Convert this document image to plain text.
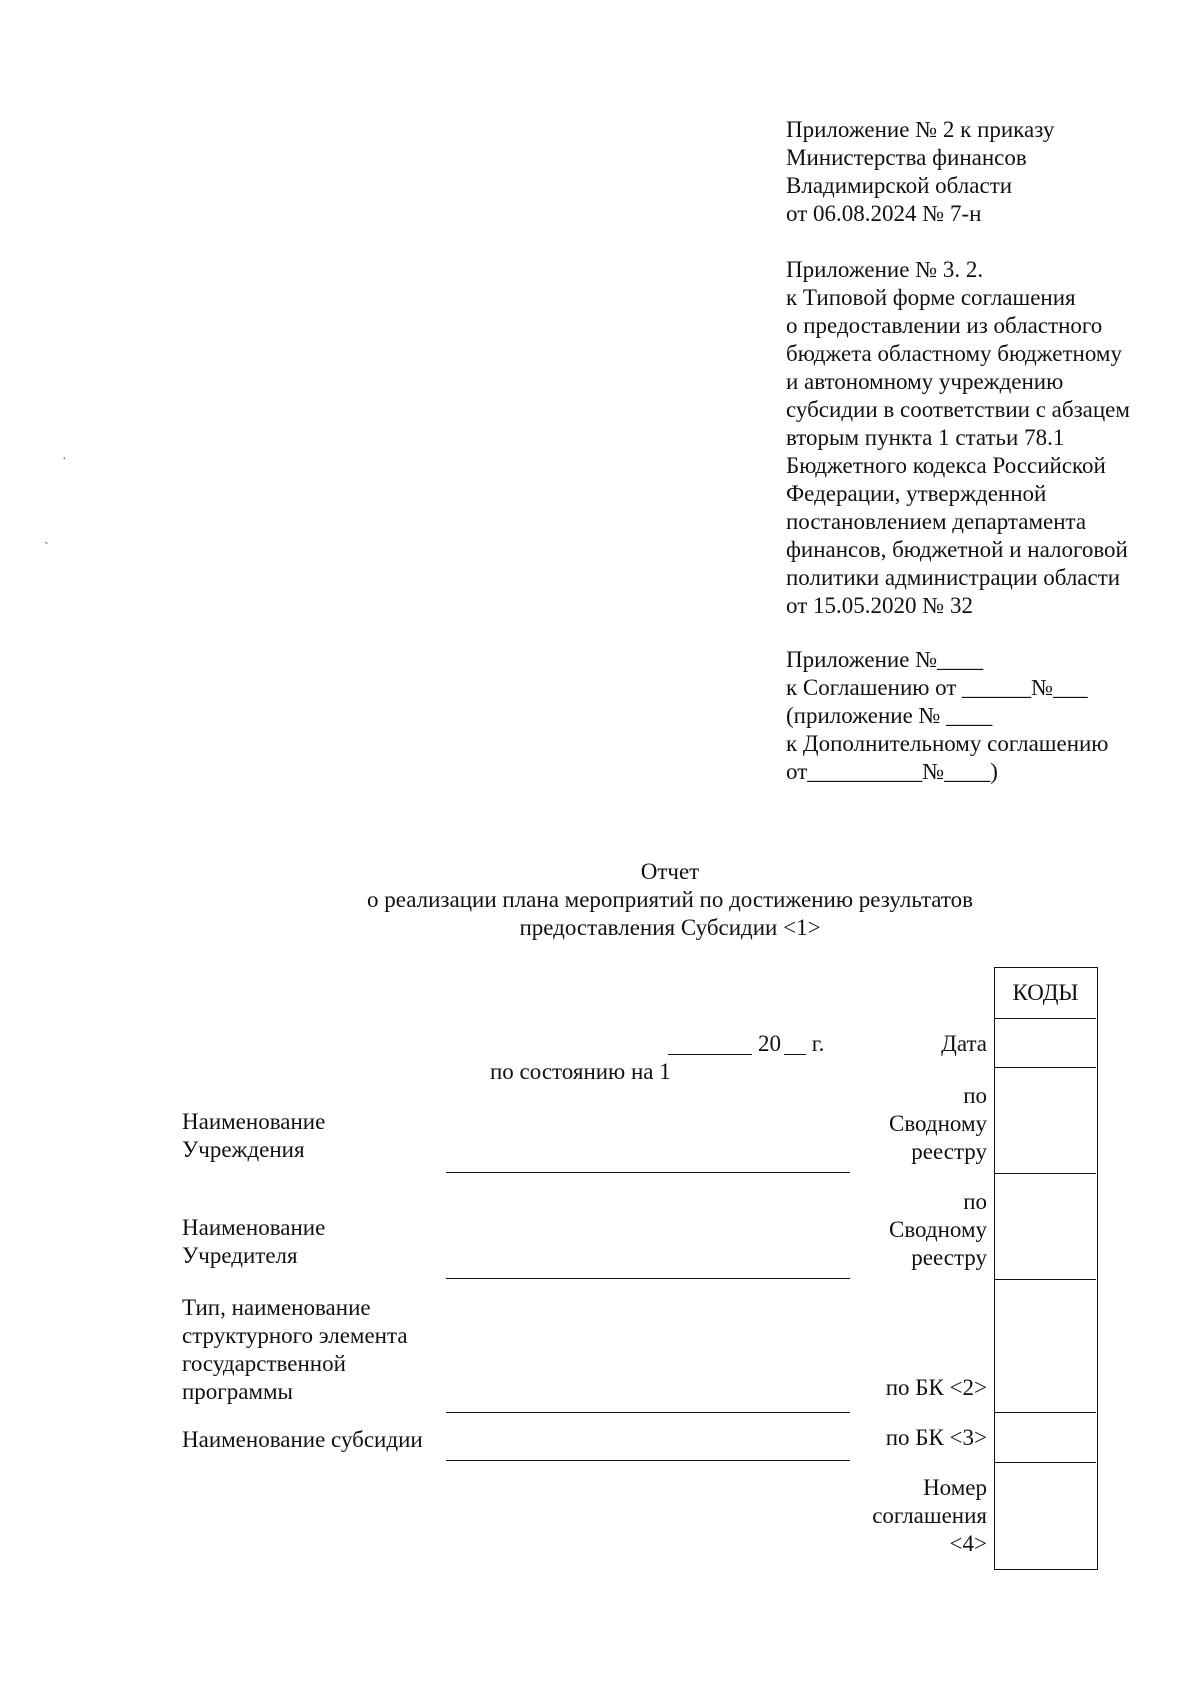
Приложение № 2 к приказу
Министерства финансов
Владимирской области
от 06.08.2024 № 7-н
Приложение № 3. 2.
к Типовой форме соглашения
о предоставлении из областного
бюджета областному бюджетному
и автономному учреждению
субсидии в соответствии с абзацем
вторым пункта 1 статьи 78.1
Бюджетного кодекса Российской
Федерации, утвержденной
постановлением департамента
финансов, бюджетной и налоговой
политики администрации области
от 15.05.2020 № 32
Приложение №____
к Соглашению от ______№___
(приложение № ____
к Дополнительному соглашению
от__________№____)
Отчет
о реализации плана мероприятий по достижению результатов
предоставления Субсидии <1>

по состоянию на 1

20 г.
Наименование
Учреждения
Наименование
Учредителя
Тип, наименование
структурного элемента
государственной
программы
Наименование субсидии
Дата
по
Сводному
реестру
по
Сводному
реестру
по БК <2>
по БК <3>
Номер
соглашения
<4>
КОДЫ
·
ˏ
